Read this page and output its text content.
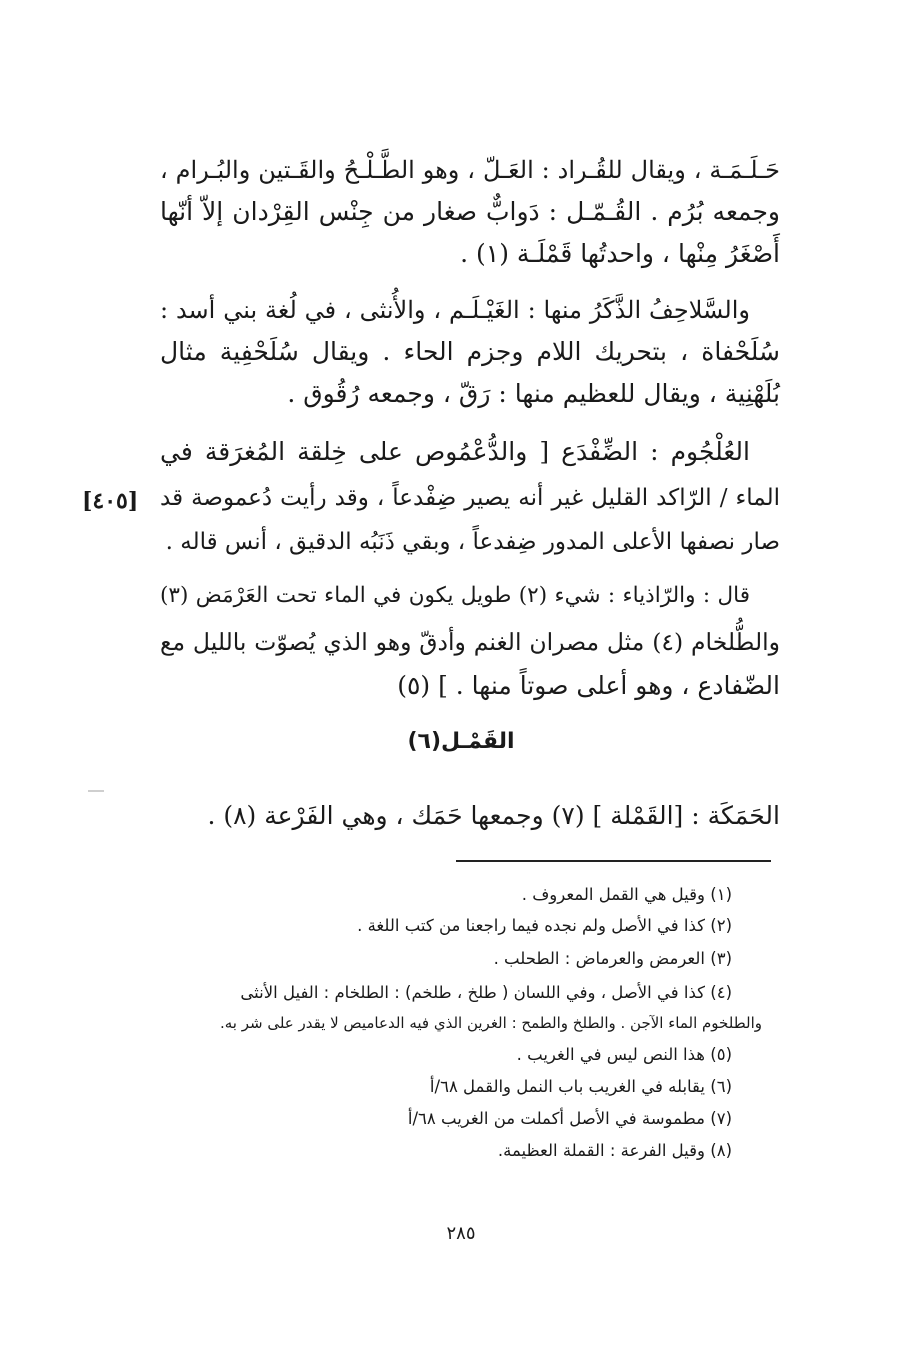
حَـلَـمَـة ، ويقال للقُـراد : العَـلّ ، وهو الطَّـلْـحُ والقَـتين والبُـرام ،
وجمعه بُرُم . القُـمّـل : دَوابٌّ صغار من جِنْس القِرْدان إلاّ أنّها
أَصْغَرُ مِنْها ، واحدتُها قَمْلَـة (١) .
والسَّلاحِفُ الذَّكَرُ منها : الغَيْـلَـم ، والأُنثى ، في لُغة بني أسد :
سُلَحْفاة ، بتحريك اللام وجزم الحاء . ويقال سُلَحْفِية مثال
بُلَهْنِية ، ويقال للعظيم منها : رَقّ ، وجمعه رُقُوق .
العُلْجُوم : الضِّفْدَع [ والدُّعْمُوص على خِلقة المُغرَقة في
الماء / الرّاكد القليل غير أنه يصير ضِفْدعاً ، وقد رأيت دُعموصة قد
صار نصفها الأعلى المدور ضِفدعاً ، وبقي ذَنَبُه الدقيق ، أنس قاله .
[٤٠٥]
قال : والرّاذياء : شيء (٢) طويل يكون في الماء تحت العَرْمَض (٣)
والطُّلخام (٤) مثل مصران الغنم وأدقّ وهو الذي يُصوّت بالليل مع
الضّفادع ، وهو أعلى صوتاً منها . ] (٥)
القَمْـل(٦)
الحَمَكَة : [القَمْلة ] (٧) وجمعها حَمَك ، وهي الفَرْعة (٨) .
(١) وقيل هي القمل المعروف .
(٢) كذا في الأصل ولم نجده فيما راجعنا من كتب اللغة .
(٣) العرمض والعرماض : الطحلب .
(٤) كذا في الأصل ، وفي اللسان ( طلخ ، طلخم) : الطلخام : الفيل الأنثى
والطلخوم الماء الآجن . والطلخ والطمح : الغرين الذي فيه الدعاميص لا يقدر على شر به.
(٥) هذا النص ليس في الغريب .
(٦) يقابله في الغريب باب النمل والقمل ٦٨/أ
(٧) مطموسة في الأصل أكملت من الغريب ٦٨/أ
(٨) وقيل الفرعة : القملة العظيمة.
٢٨٥
